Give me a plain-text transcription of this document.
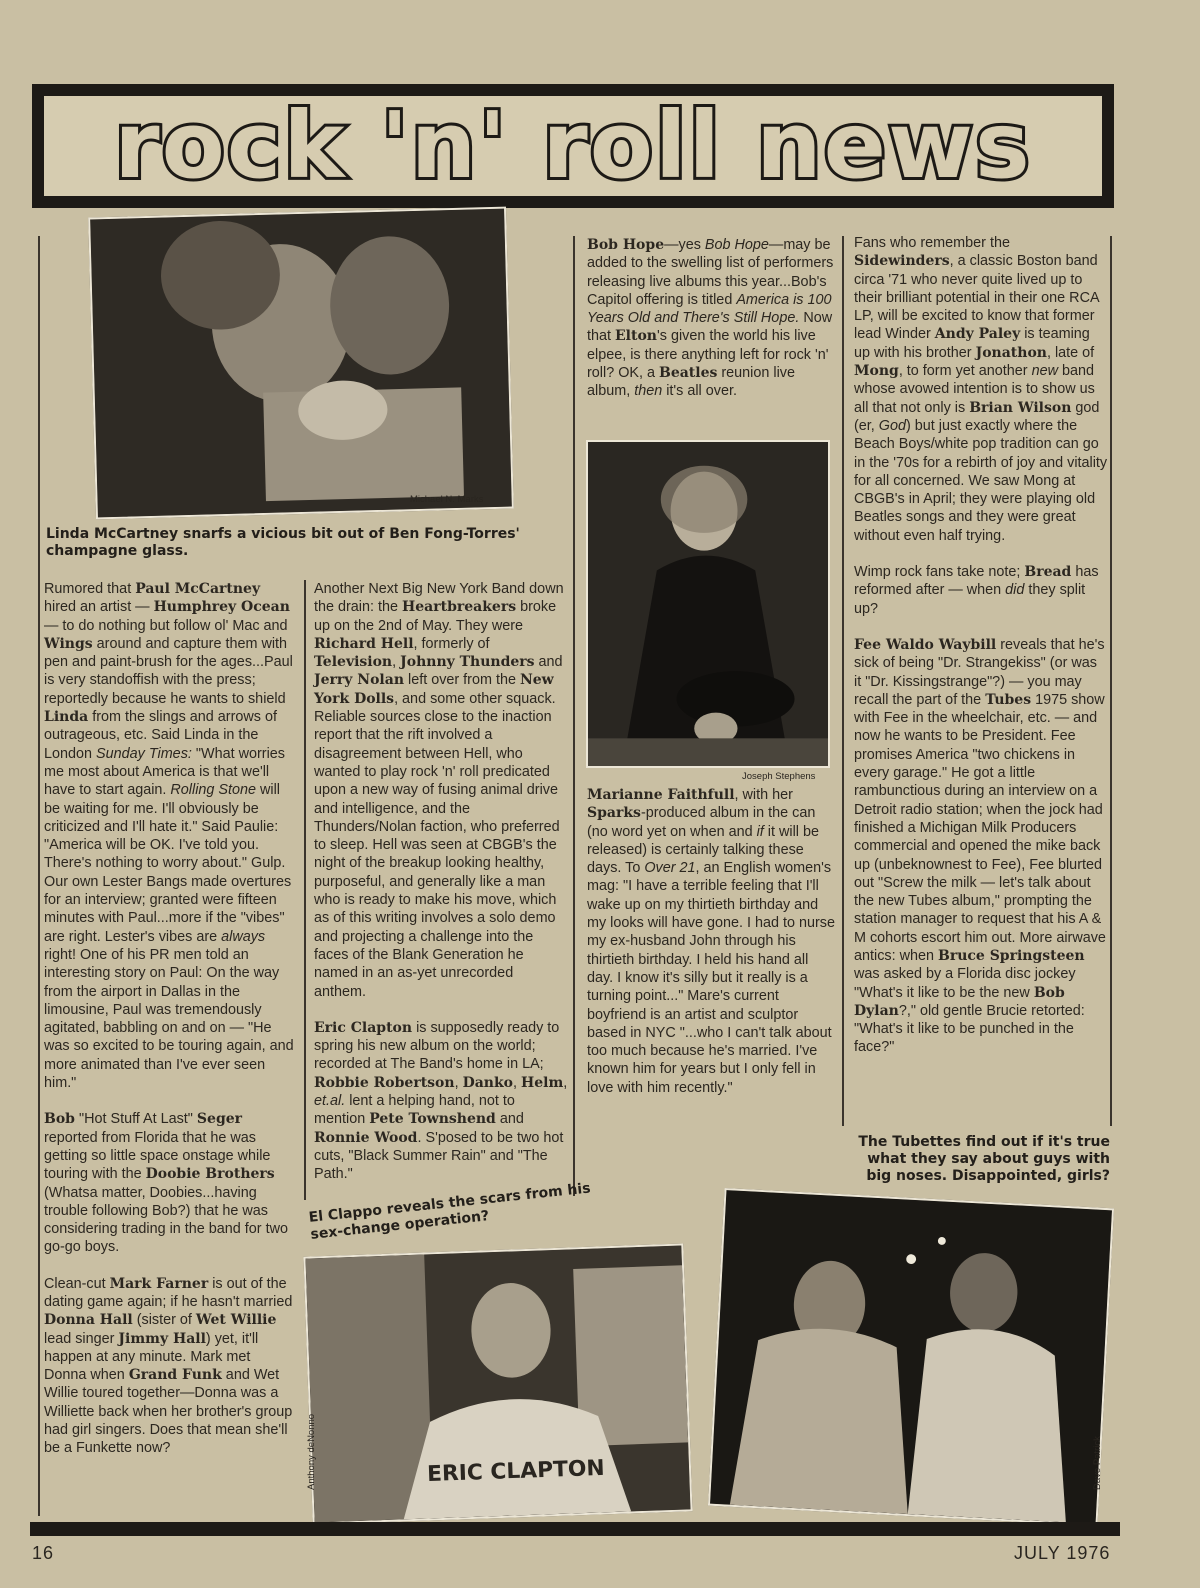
rock 'n' roll news
Michael N. Marks
Linda McCartney snarfs a vicious bit out of Ben Fong-Torres' champagne glass.

Rumored that Paul McCartney hired an artist — Humphrey Ocean — to do nothing but follow ol' Mac and Wings around and capture them with pen and paint-brush for the ages...Paul is very standoffish with the press; reportedly because he wants to shield Linda from the slings and arrows of outrageous, etc. Said Linda in the London Sunday Times: "What worries me most about America is that we'll have to start again. Rolling Stone will be waiting for me. I'll obviously be criticized and I'll hate it." Said Paulie: "America will be OK. I've told you. There's nothing to worry about." Gulp. Our own Lester Bangs made overtures for an interview; granted were fifteen minutes with Paul...more if the "vibes" are right. Lester's vibes are always right! One of his PR men told an interesting story on Paul: On the way from the airport in Dallas in the limousine, Paul was tremendously agitated, babbling on and on — "He was so excited to be touring again, and more animated than I've ever seen him."

Bob "Hot Stuff At Last" Seger reported from Florida that he was getting so little space onstage while touring with the Doobie Brothers (Whatsa matter, Doobies...having trouble following Bob?) that he was considering trading in the band for two go-go boys.

Clean-cut Mark Farner is out of the dating game again; if he hasn't married Donna Hall (sister of Wet Willie lead singer Jimmy Hall) yet, it'll happen at any minute. Mark met Donna when Grand Funk and Wet Willie toured together—Donna was a Williette back when her brother's group had girl singers. Does that mean she'll be a Funkette now?

Another Next Big New York Band down the drain: the Heartbreakers broke up on the 2nd of May. They were Richard Hell, formerly of Television, Johnny Thunders and Jerry Nolan left over from the New York Dolls, and some other squack. Reliable sources close to the inaction report that the rift involved a disagreement between Hell, who wanted to play rock 'n' roll predicated upon a new way of fusing animal drive and intelligence, and the Thunders/Nolan faction, who preferred to sleep. Hell was seen at CBGB's the night of the breakup looking healthy, purposeful, and generally like a man who is ready to make his move, which as of this writing involves a solo demo and projecting a challenge into the faces of the Blank Generation he named in an as-yet unrecorded anthem.

Eric Clapton is supposedly ready to spring his new album on the world; recorded at The Band's home in LA; Robbie Robertson, Danko, Helm, et.al. lent a helping hand, not to mention Pete Townshend and Ronnie Wood. S'posed to be two hot cuts, "Black Summer Rain" and "The Path."

Bob Hope—yes Bob Hope—may be added to the swelling list of performers releasing live albums this year...Bob's Capitol offering is titled America is 100 Years Old and There's Still Hope. Now that Elton's given the world his live elpee, is there anything left for rock 'n' roll? OK, a Beatles reunion live album, then it's all over.

Joseph Stephens

Marianne Faithfull, with her Sparks-produced album in the can (no word yet on when and if it will be released) is certainly talking these days. To Over 21, an English women's mag: "I have a terrible feeling that I'll wake up on my thirtieth birthday and my looks will have gone. I had to nurse my ex-husband John through his thirtieth birthday. I held his hand all day. I know it's silly but it really is a turning point..." Mare's current boyfriend is an artist and sculptor based in NYC "...who I can't talk about too much because he's married. I've known him for years but I only fell in love with him recently."

Fans who remember the Sidewinders, a classic Boston band circa '71 who never quite lived up to their brilliant potential in their one RCA LP, will be excited to know that former lead Winder Andy Paley is teaming up with his brother Jonathon, late of Mong, to form yet another new band whose avowed intention is to show us all that not only is Brian Wilson god (er, God) but just exactly where the Beach Boys/white pop tradition can go in the '70s for a rebirth of joy and vitality for all concerned. We saw Mong at CBGB's in April; they were playing old Beatles songs and they were great without even half trying.

Wimp rock fans take note; Bread has reformed after — when did they split up?

Fee Waldo Waybill reveals that he's sick of being "Dr. Strangekiss" (or was it "Dr. Kissingstrange"?) — you may recall the part of the Tubes 1975 show with Fee in the wheelchair, etc. — and now he wants to be President. Fee promises America "two chickens in every garage." He got a little rambunctious during an interview on a Detroit radio station; when the jock had finished a Michigan Milk Producers commercial and opened the mike back up (unbeknownest to Fee), Fee blurted out "Screw the milk — let's talk about the new Tubes album," prompting the station manager to request that his A & M cohorts escort him out. More airwave antics: when Bruce Springsteen was asked by a Florida disc jockey "What's it like to be the new Bob Dylan?," old gentle Brucie retorted: "What's it like to be punched in the face?"

The Tubettes find out if it's true what they say about guys with big noses. Disappointed, girls?
El Clappo reveals the scars from his sex-change operation?
ERIC CLAPTON
Anthony deNonno	Dave Patrick
16	JULY 1976
